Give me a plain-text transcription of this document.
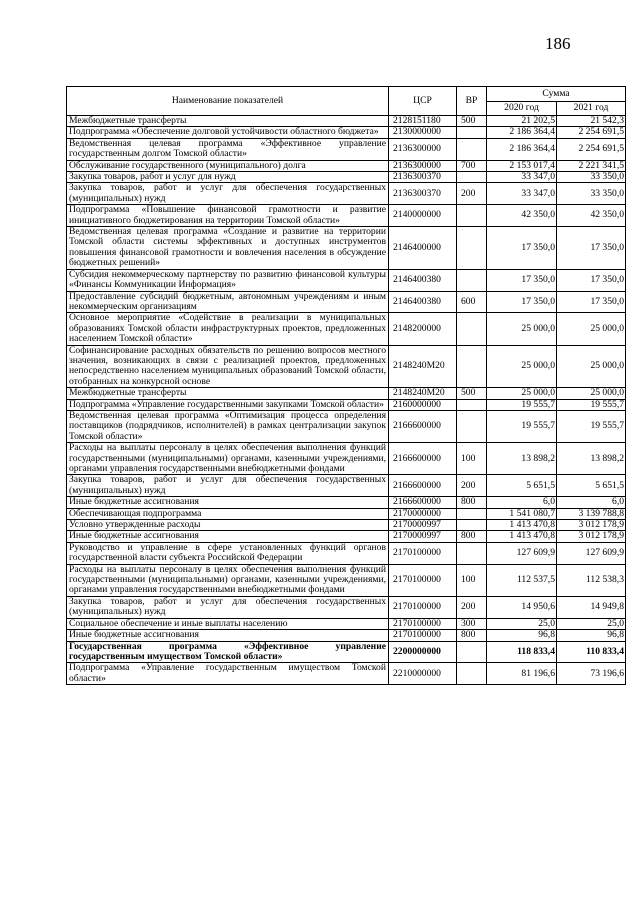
186
Наименование показателей	ЦСР	ВР	Сумма	
			2020 год	2021 год
Межбюджетные трансферты	2128151180	500	21 202,5	21 542,3
Подпрограмма «Обеспечение долговой устойчивости областного бюджета»	2130000000		2 186 364,4	2 254 691,5
Ведомственная целевая программа «Эффективное управление государственным долгом Томской области»	2136300000		2 186 364,4	2 254 691,5
Обслуживание государственного (муниципального) долга	2136300000	700	2 153 017,4	2 221 341,5
Закупка товаров, работ и услуг для нужд	2136300370		33 347,0	33 350,0
Закупка товаров, работ и услуг для обеспечения государственных (муниципальных) нужд	2136300370	200	33 347,0	33 350,0
Подпрограмма «Повышение финансовой грамотности и развитие инициативного бюджетирования на территории Томской области»	2140000000		42 350,0	42 350,0
Ведомственная целевая программа «Создание и развитие на территории Томской области системы эффективных и доступных инструментов повышения финансовой грамотности и вовлечения населения в обсуждение бюджетных решений»	2146400000		17 350,0	17 350,0
Субсидия некоммерческому партнерству по развитию финансовой культуры «Финансы Коммуникации Информация»	2146400380		17 350,0	17 350,0
Предоставление субсидий бюджетным, автономным учреждениям и иным некоммерческим организациям	2146400380	600	17 350,0	17 350,0
Основное мероприятие «Содействие в реализации в муниципальных образованиях Томской области инфраструктурных проектов, предложенных населением Томской области»	2148200000		25 000,0	25 000,0
Софинансирование расходных обязательств по решению вопросов местного значения, возникающих в связи с реализацией проектов, предложенных непосредственно населением муниципальных образований Томской области, отобранных на конкурсной основе	2148240M20		25 000,0	25 000,0
Межбюджетные трансферты	2148240M20	500	25 000,0	25 000,0
Подпрограмма «Управление государственными закупками Томской области»	2160000000		19 555,7	19 555,7
Ведомственная целевая программа «Оптимизация процесса определения поставщиков (подрядчиков, исполнителей) в рамках централизации закупок Томской области»	2166600000		19 555,7	19 555,7
Расходы на выплаты персоналу в целях обеспечения выполнения функций государственными (муниципальными) органами, казенными учреждениями, органами управления государственными внебюджетными фондами	2166600000	100	13 898,2	13 898,2
Закупка товаров, работ и услуг для обеспечения государственных (муниципальных) нужд	2166600000	200	5 651,5	5 651,5
Иные бюджетные ассигнования	2166600000	800	6,0	6,0
Обеспечивающая подпрограмма	2170000000		1 541 080,7	3 139 788,8
Условно утвержденные расходы	2170000997		1 413 470,8	3 012 178,9
Иные бюджетные ассигнования	2170000997	800	1 413 470,8	3 012 178,9
Руководство и управление в сфере установленных функций органов государственной власти субъекта Российской Федерации	2170100000		127 609,9	127 609,9
Расходы на выплаты персоналу в целях обеспечения выполнения функций государственными (муниципальными) органами, казенными учреждениями, органами управления государственными внебюджетными фондами	2170100000	100	112 537,5	112 538,3
Закупка товаров, работ и услуг для обеспечения государственных (муниципальных) нужд	2170100000	200	14 950,6	14 949,8
Социальное обеспечение и иные выплаты населению	2170100000	300	25,0	25,0
Иные бюджетные ассигнования	2170100000	800	96,8	96,8
Государственная программа «Эффективное управление государственным имуществом Томской области»	2200000000		118 833,4	110 833,4
Подпрограмма «Управление государственным имуществом Томской области»	2210000000		81 196,6	73 196,6
